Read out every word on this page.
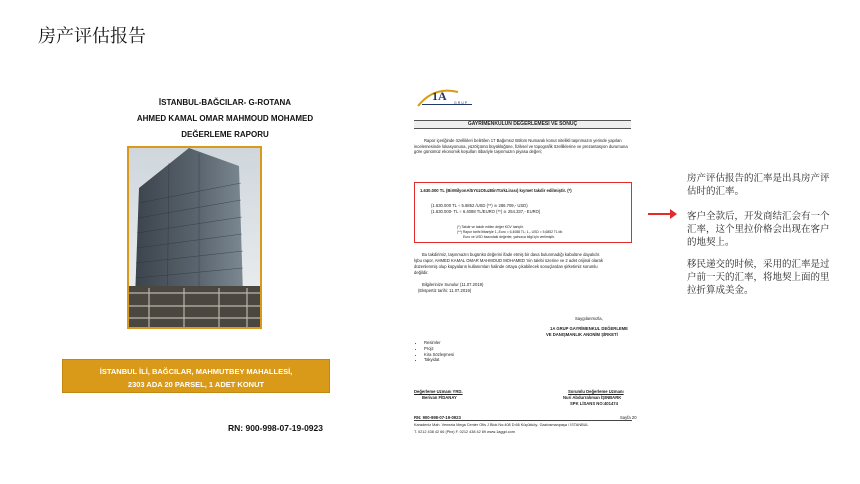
房产评估报告
İSTANBUL-BAĞCILAR- G-ROTANA
AHMED KAMAL OMAR MAHMOUD MOHAMED
DEĞERLEME RAPORU
İSTANBUL İLİ, BAĞCILAR, MAHMUTBEY MAHALLESİ,
2303 ADA 20 PARSEL, 1 ADET KONUT
RN: 900-998-07-19-0923
1A GRUP
GAYRİMENKULUN DEĞERLEMESİ VE SONUÇ
Rapor içeriğinde özellikleri belirtilen 17 Bağımsız Bölüm Numaralı konut nitelikli taşınmazın yerinde yapılan incelemesinde lokasyonuna, yüzölçümü büyüklüğüne, fiziksel ve topografik özelliklerine ve prezantasyon durumuna göre günümüz ekonomik koşulları itibariyle taşınmazın piyasa değeri;
1.630.000 TL (BirMilyonAltıYüzOtuzBinTürkLirası) kıymet takdir edilmiştir. (*)
(1.630.000 TL ÷ 5.6852 /USD (**) ≅ 286.709,- USD)
(1.630.000- TL ÷ 6.4088 TL/EURO (**) ≅ 254.337,- EURO)
(*) Takdir ve takdir edilen değer KDV hariçtir.
(**) Rapor tarihi itibariyle 1,-Euro = 6,4088 TL; 1,- USD = 5,6852 TL'dir.
Euro ve USD bazındaki değerler, yalnızca bilgi için verilmiştir.
Bu takdirimiz, taşınmazın bugünkü değerini ifade etmiş bir dava bulunmadığı kabulüne dayalıdır.
İşbu rapor, AHMED KAMAL OMAR MAHMOUD MOHAMED 'nin talebi üzerine ve 2 adet orijinal olarak
düzenlenmiş olup kopyaların kullanımları halinde ortaya çıkabilecek sonuçlardan şirketimiz sorumlu
değildir.
Bilgilerinize Sunulur (11.07.2019)
(Ekspertiz tarihi: 11.07.2019)
Saygılarımızla,
1A GRUP GAYRİMENKUL DEĞERLEME
VE DANIŞMANLIK ANONİM ŞİRKETİ
• Resimler
• Projz
• Kira Sözleşmesi
• Takyidat
Değerleme Uzmanı YRD.
Berivan FİDANAY
Sorumlu Değerleme Uzmanı
Nuri Abdurrahman İŞINBARK
SPK LİSANS NO:401474
RN: 900-998-07-19-0923	Sayfa 20
Karadeniz Mah. Venezia Mega Center Ofis J Blok No:408 D:66 Küçükköy- Gaziosmanpaşa / İSTANBUL
T. 0212 438 42 66 (Pbx) F. 0212 438 42 89 www.1aggd.com
房产评估报告的汇率是出具房产评估时的汇率。
客户全款后，开发商结汇会有一个汇率，这个里拉价格会出现在客户的地契上。
移民递交的时候，采用的汇率是过户前一天的汇率，将地契上面的里拉折算成美金。
